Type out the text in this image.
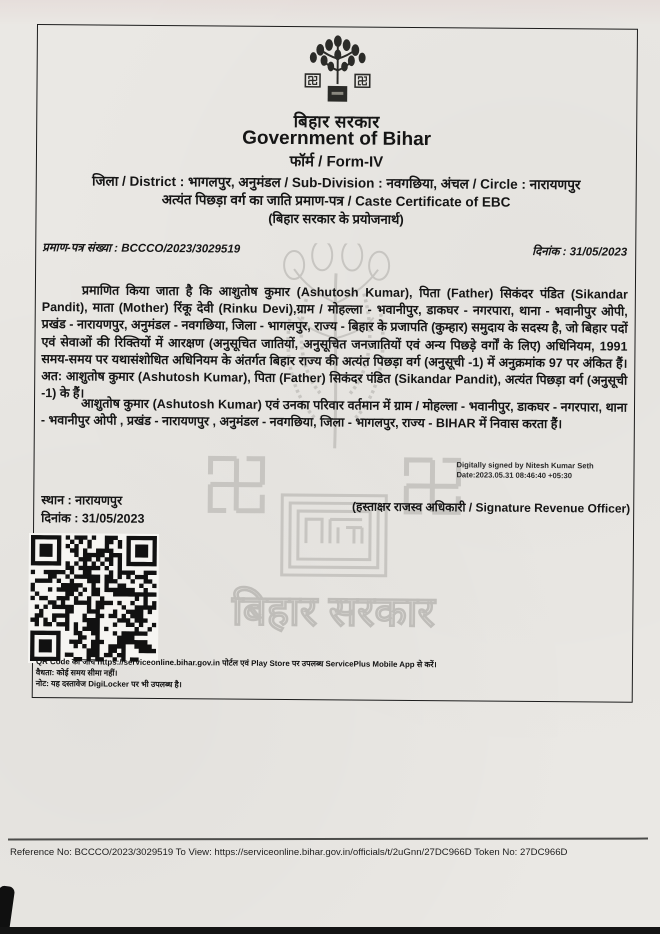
बिहार सरकार
बिहार सरकार
Government of Bihar
फॉर्म / Form-IV
जिला / District : भागलपुर, अनुमंडल / Sub-Division : नवगछिया, अंचल / Circle : नारायणपुर
अत्यंत पिछड़ा वर्ग का जाति प्रमाण-पत्र / Caste Certificate of EBC
(बिहार सरकार के प्रयोजनार्थ)
प्रमाण-पत्र संख्या : BCCCO/2023/3029519	दिनांक : 31/05/2023
प्रमाणित किया जाता है कि आशुतोष कुमार (Ashutosh Kumar), पिता (Father) सिकंदर पंडित (Sikandar Pandit), माता (Mother) रिंकू देवी (Rinku Devi),ग्राम / मोहल्ला - भवानीपुर, डाकघर - नगरपारा, थाना - भवानीपुर ओपी, प्रखंड - नारायणपुर, अनुमंडल - नवगछिया, जिला - भागलपुर, राज्य - बिहार के प्रजापति (कुम्हार) समुदाय के सदस्य है, जो बिहार पदों एवं सेवाओं की रिक्तियों में आरक्षण (अनुसूचित जातियों, अनुसूचित जनजातियों एवं अन्य पिछड़े वर्गों के लिए) अधिनियम, 1991 समय-समय पर यथासंशोधित अधिनियम के अंतर्गत बिहार राज्य की अत्यंत पिछड़ा वर्ग (अनुसूची -1) में अनुक्रमांक 97 पर अंकित हैं। अत: आशुतोष कुमार (Ashutosh Kumar), पिता (Father) सिकंदर पंडित (Sikandar Pandit), अत्यंत पिछड़ा वर्ग (अनुसूची -1) के हैं।
आशुतोष कुमार (Ashutosh Kumar) एवं उनका परिवार वर्तमान में ग्राम / मोहल्ला - भवानीपुर, डाकघर - नगरपारा, थाना - भवानीपुर ओपी , प्रखंड - नारायणपुर , अनुमंडल - नवगछिया, जिला - भागलपुर, राज्य - BIHAR में निवास करता हैं।
Digitally signed by Nitesh Kumar Seth
Date:2023.05.31 08:46:40 +05:30
(हस्ताक्षर राजस्व अधिकारी / Signature Revenue Officer)
स्थान : नारायणपुर
दिनांक : 31/05/2023
QR Code की जाँच https://serviceonline.bihar.gov.in पोर्टल एवं Play Store पर उपलब्ध ServicePlus Mobile App से करें।
वैधता: कोई समय सीमा नहीं।
नोट: यह दस्तावेज DigiLocker पर भी उपलब्ध है।
Reference No: BCCCO/2023/3029519 To View: https://serviceonline.bihar.gov.in/officials/t/2uGnn/27DC966D Token No: 27DC966D
